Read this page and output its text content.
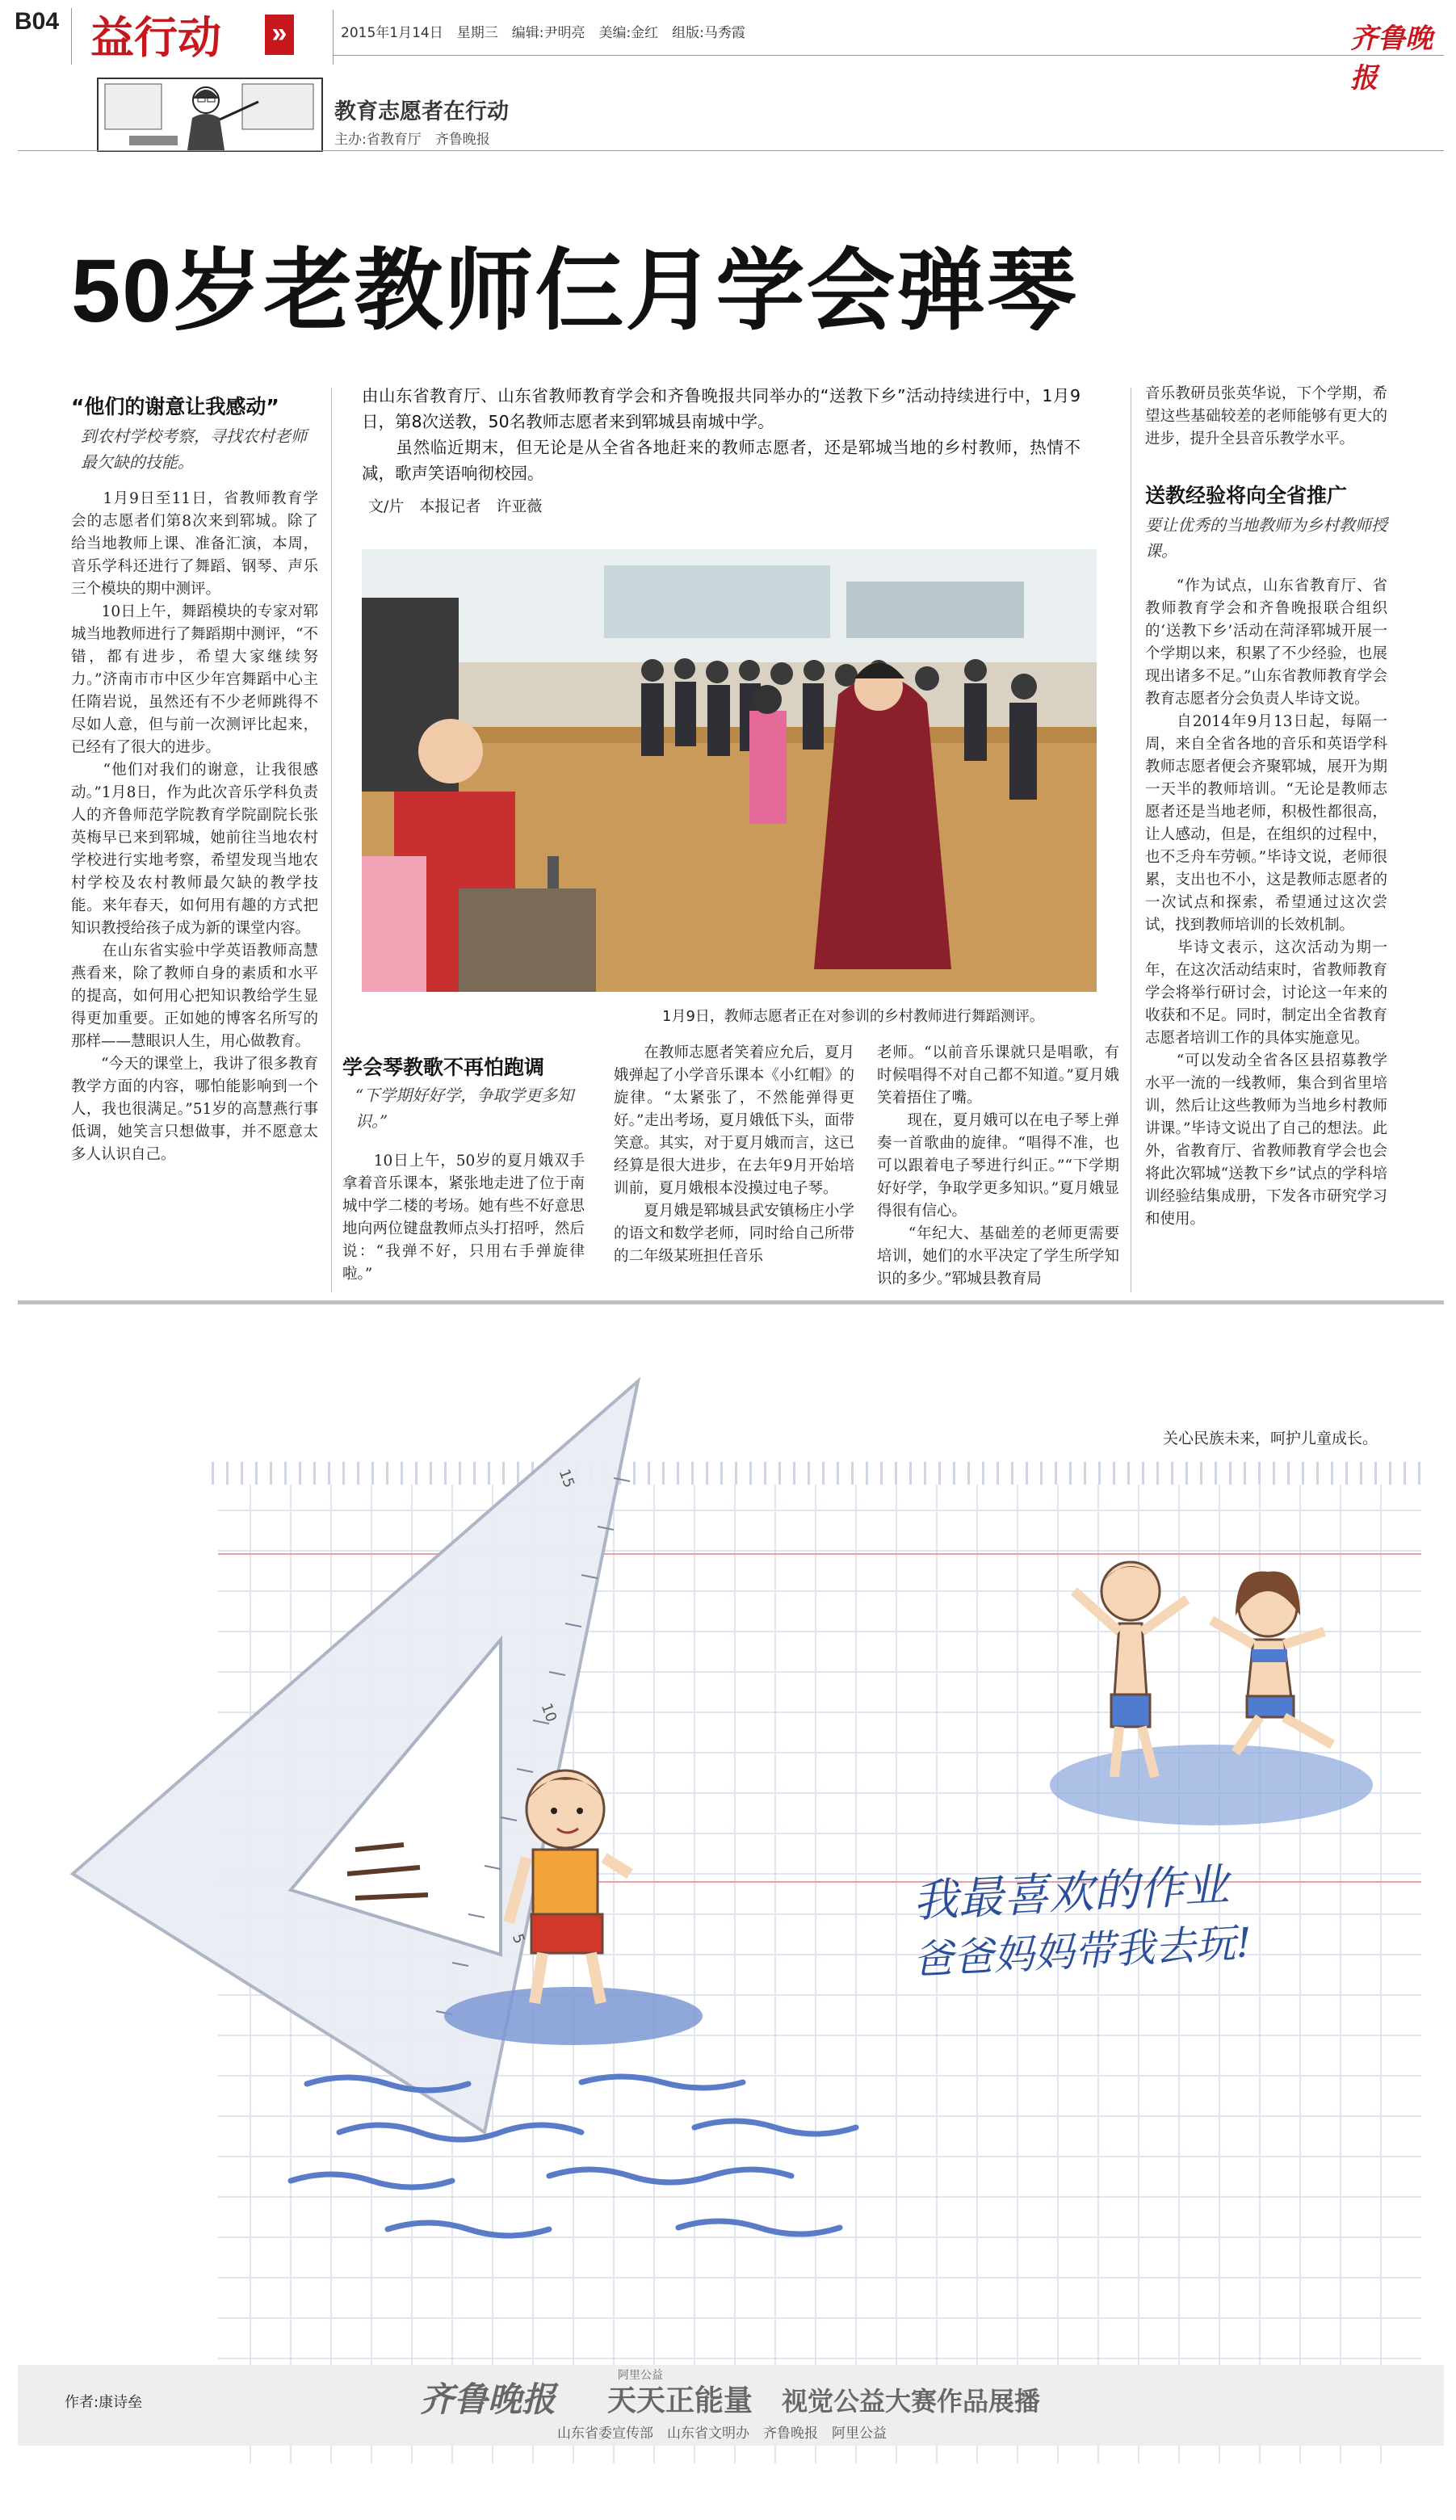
B04 益行动 »	2015年1月14日　星期三　编辑:尹明亮　美编:金红　组版:马秀霞	齐鲁晚报
教育志愿者在行动
主办:省教育厅　齐鲁晚报
50岁老教师仨月学会弹琴
“他们的谢意让我感动”
到农村学校考察，寻找农村老师最欠缺的技能。
　　1月9日至11日，省教师教育学会的志愿者们第8次来到郓城。除了给当地教师上课、准备汇演，本周，音乐学科还进行了舞蹈、钢琴、声乐三个模块的期中测评。
　　10日上午，舞蹈模块的专家对郓城当地教师进行了舞蹈期中测评，“不错，都有进步，希望大家继续努力。”济南市市中区少年宫舞蹈中心主任隋岩说，虽然还有不少老师跳得不尽如人意，但与前一次测评比起来，已经有了很大的进步。
　　“他们对我们的谢意，让我很感动。”1月8日，作为此次音乐学科负责人的齐鲁师范学院教育学院副院长张英梅早已来到郓城，她前往当地农村学校进行实地考察，希望发现当地农村学校及农村教师最欠缺的教学技能。来年春天，如何用有趣的方式把知识教授给孩子成为新的课堂内容。
　　在山东省实验中学英语教师高慧燕看来，除了教师自身的素质和水平的提高，如何用心把知识教给学生显得更加重要。正如她的博客名所写的那样——慧眼识人生，用心做教育。
　　“今天的课堂上，我讲了很多教育教学方面的内容，哪怕能影响到一个人，我也很满足。”51岁的高慧燕行事低调，她笑言只想做事，并不愿意太多人认识自己。
由山东省教育厅、山东省教师教育学会和齐鲁晚报共同举办的“送教下乡”活动持续进行中，1月9日，第8次送教，50名教师志愿者来到郓城县南城中学。
　　虽然临近期末，但无论是从全省各地赶来的教师志愿者，还是郓城当地的乡村教师，热情不减，歌声笑语响彻校园。
文/片　本报记者　许亚薇
1月9日，教师志愿者正在对参训的乡村教师进行舞蹈测评。
学会琴教歌不再怕跑调
“下学期好好学，争取学更多知识。”
　　10日上午，50岁的夏月娥双手拿着音乐课本，紧张地走进了位于南城中学二楼的考场。她有些不好意思地向两位键盘教师点头打招呼，然后说：“我弹不好，只用右手弹旋律啦。”
　　在教师志愿者笑着应允后，夏月娥弹起了小学音乐课本《小红帽》的旋律。“太紧张了，不然能弹得更好。”走出考场，夏月娥低下头，面带笑意。其实，对于夏月娥而言，这已经算是很大进步，在去年9月开始培训前，夏月娥根本没摸过电子琴。
　　夏月娥是郓城县武安镇杨庄小学的语文和数学老师，同时给自己所带的二年级某班担任音乐
老师。“以前音乐课就只是唱歌，有时候唱得不对自己都不知道。”夏月娥笑着捂住了嘴。
　　现在，夏月娥可以在电子琴上弹奏一首歌曲的旋律。“唱得不准，也可以跟着电子琴进行纠正。”“下学期好好学，争取学更多知识。”夏月娥显得很有信心。
　　“年纪大、基础差的老师更需要培训，她们的水平决定了学生所学知识的多少。”郓城县教育局
音乐教研员张英华说，下个学期，希望这些基础较差的老师能够有更大的进步，提升全县音乐教学水平。
送教经验将向全省推广
要让优秀的当地教师为乡村教师授课。
　　“作为试点，山东省教育厅、省教师教育学会和齐鲁晚报联合组织的‘送教下乡’活动在菏泽郓城开展一个学期以来，积累了不少经验，也展现出诸多不足。”山东省教师教育学会教育志愿者分会负责人毕诗文说。
　　自2014年9月13日起，每隔一周，来自全省各地的音乐和英语学科教师志愿者便会齐聚郓城，展开为期一天半的教师培训。“无论是教师志愿者还是当地老师，积极性都很高，让人感动，但是，在组织的过程中，也不乏舟车劳顿。”毕诗文说，老师很累，支出也不小，这是教师志愿者的一次试点和探索，希望通过这次尝试，找到教师培训的长效机制。
　　毕诗文表示，这次活动为期一年，在这次活动结束时，省教师教育学会将举行研讨会，讨论这一年来的收获和不足。同时，制定出全省教育志愿者培训工作的具体实施意见。
　　“可以发动全省各区县招募教学水平一流的一线教师，集合到省里培训，然后让这些教师为当地乡村教师讲课。”毕诗文说出了自己的想法。此外，省教育厅、省教师教育学会也会将此次郓城“送教下乡”试点的学科培训经验结集成册，下发各市研究学习和使用。
关心民族未来，呵护儿童成长。
15
10
5
我最喜欢的作业
爸爸妈妈带我去玩!
作者:康诗垒	齐鲁晚报
阿里公益
天天正能量 视觉公益大赛作品展播
山东省委宣传部　山东省文明办　齐鲁晚报　阿里公益
